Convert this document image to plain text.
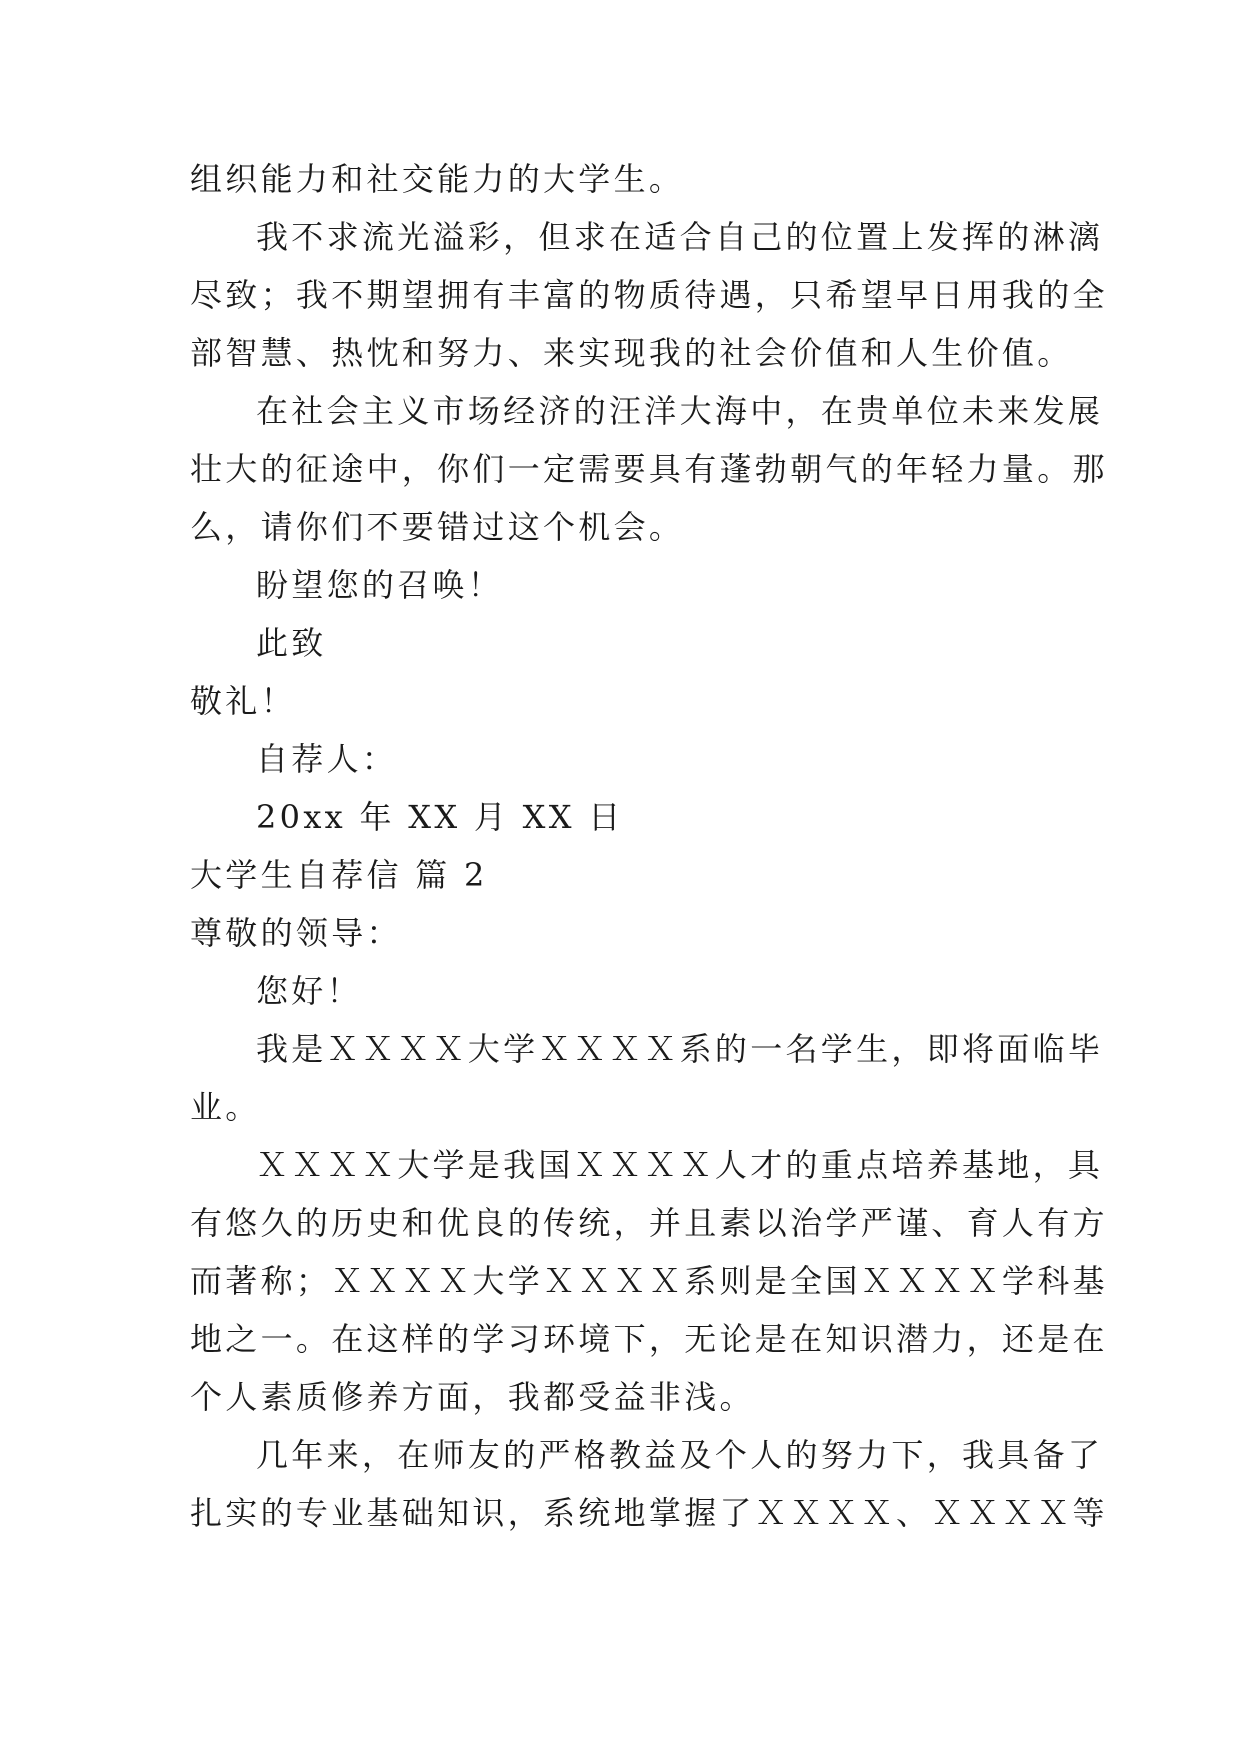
组织能力和社交能力的大学生。
我不求流光溢彩，但求在适合自己的位置上发挥的淋漓
尽致；我不期望拥有丰富的物质待遇，只希望早日用我的全
部智慧、热忱和努力、来实现我的社会价值和人生价值。
在社会主义市场经济的汪洋大海中，在贵单位未来发展
壮大的征途中，你们一定需要具有蓬勃朝气的年轻力量。那
么，请你们不要错过这个机会。
盼望您的召唤！
此致
敬礼！
自荐人：
20xx 年 XX 月 XX 日
大学生自荐信 篇 2
尊敬的领导：
您好！
我是ＸＸＸＸ大学ＸＸＸＸ系的一名学生，即将面临毕
业。
ＸＸＸＸ大学是我国ＸＸＸＸ人才的重点培养基地，具
有悠久的历史和优良的传统，并且素以治学严谨、育人有方
而著称；ＸＸＸＸ大学ＸＸＸＸ系则是全国ＸＸＸＸ学科基
地之一。在这样的学习环境下，无论是在知识潜力，还是在
个人素质修养方面，我都受益非浅。
几年来，在师友的严格教益及个人的努力下，我具备了
扎实的专业基础知识，系统地掌握了ＸＸＸＸ、ＸＸＸＸ等
